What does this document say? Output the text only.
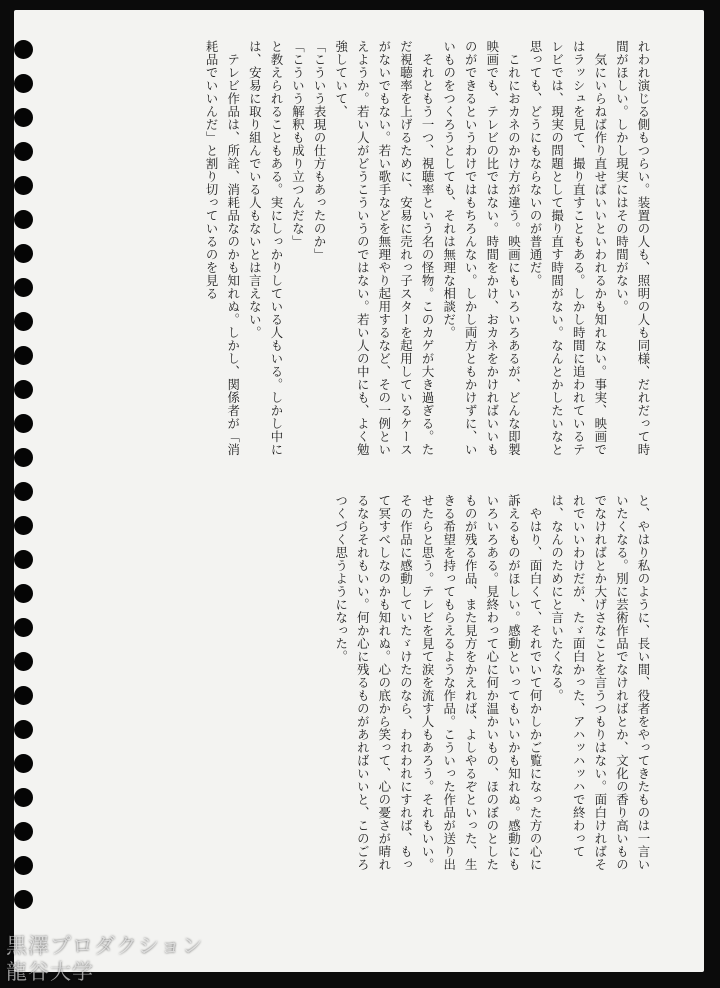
れわれ演じる側もつらい。装置の人も、照明の人も同様、だれだって時間がほしい。しかし現実にはその時間がない。

　気にいらねば作り直せばいいといわれるかも知れない。事実、映画ではラッシュを見て、撮り直すこともある。しかし時間に追われているテレビでは、現実の問題として撮り直す時間がない。なんとかしたいなと思っても、どうにもならないのが普通だ。

　これにおカネのかけ方が違う。映画にもいろいろあるが、どんな即製映画でも、テレビの比ではない。時間をかけ、おカネをかければいいものができるというわけではもちろんない。しかし両方ともかけずに、いいものをつくろうとしても、それは無理な相談だ。

　それともう一つ、視聴率という名の怪物。このカゲが大き過ぎる。ただ視聴率を上げるために、安易に売れっ子スターを起用しているケースがないでもない。若い歌手などを無理やり起用するなど、その一例といえようか。若い人がどうこういうのではない。若い人の中にも、よく勉強していて、

「こういう表現の仕方もあったのか」

「こういう解釈も成り立つんだな」

と教えられることもある。実にしっかりしている人もいる。しかし中には、安易に取り組んでいる人もないとは言えない。

　テレビ作品は、所詮、消耗品なのかも知れぬ。しかし、関係者が「消耗品でいいんだ」と割り切っているのを見る

と、やはり私のように、長い間、役者をやってきたものは一言いいたくなる。別に芸術作品でなければとか、文化の香り高いものでなければとか大げさなことを言うつもりはない。面白ければそれでいいわけだが、たゞ面白かった、アハッハッハで終わっては、なんのためにと言いたくなる。

　やはり、面白くて、それでいて何かしかご覧になった方の心に訴えるものがほしい。感動といってもいいかも知れぬ。感動にもいろいろある。見終わって心に何か温かいもの、ほのぼのとしたものが残る作品、また見方をかえれば、よしやるぞといった、生きる希望を持ってもらえるような作品。こういった作品が送り出せたらと思う。テレビを見て涙を流す人もあろう。それもいい。その作品に感動していたゞけたのなら、われわれにすれば、もって冥すべしなのかも知れぬ。心の底から笑って、心の憂さが晴れるならそれもいい。何か心に残るものがあればいいと、このごろつくづく思うようになった。

黒澤プロダクション
龍谷大学
